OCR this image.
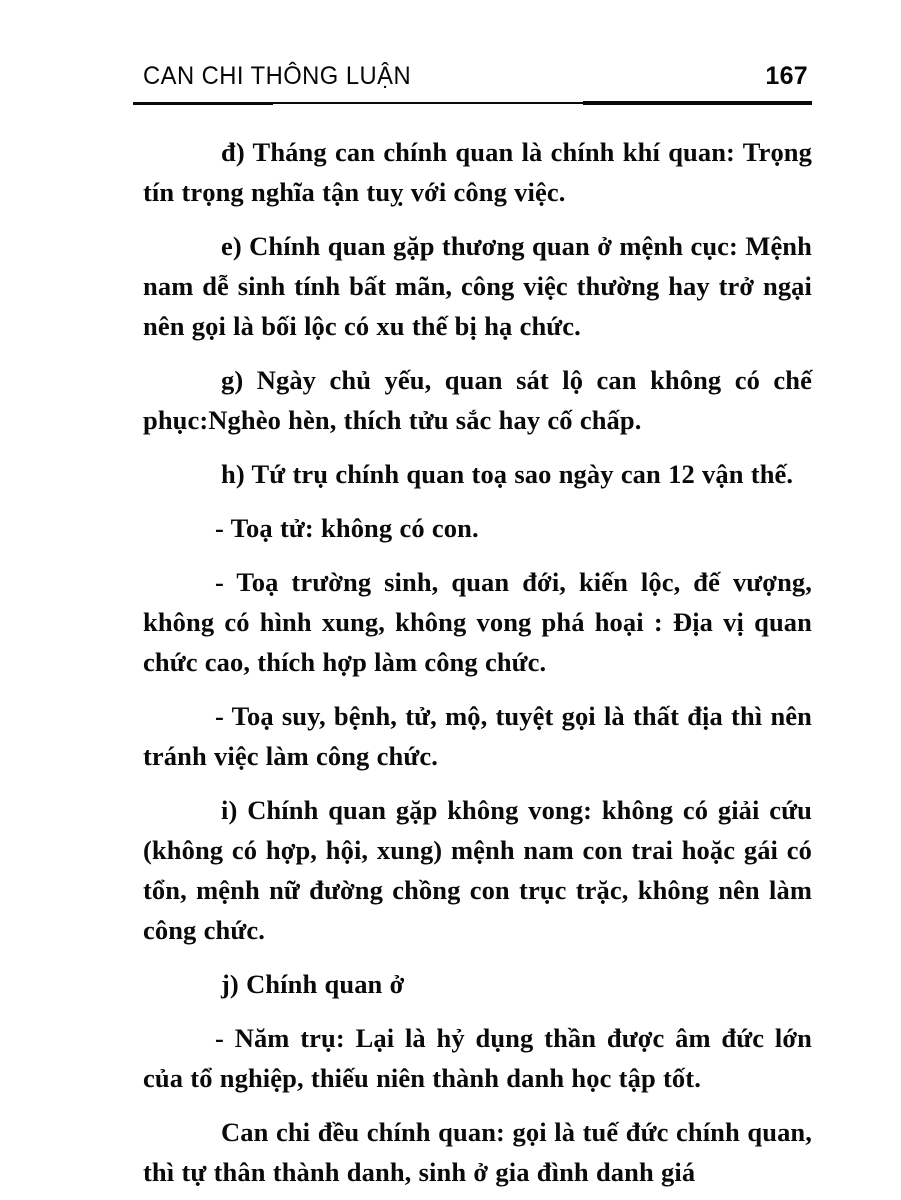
CAN CHI THÔNG LUẬN	167

đ) Tháng can chính quan là chính khí quan: Trọng tín trọng nghĩa tận tuỵ với công việc.

e) Chính quan gặp thương quan ở mệnh cục: Mệnh nam dễ sinh tính bất mãn, công việc thường hay trở ngại nên gọi là bối lộc có xu thế bị hạ chức.

g) Ngày chủ yếu, quan sát lộ can không có chế phục:Nghèo hèn, thích tửu sắc hay cố chấp.

h) Tứ trụ chính quan toạ sao ngày can 12 vận thế.

- Toạ tử: không có con.

- Toạ trường sinh, quan đới, kiến lộc, đế vượng, không có hình xung, không vong phá hoại : Địa vị quan chức cao, thích hợp làm công chức.

- Toạ suy, bệnh, tử, mộ, tuyệt gọi là thất địa thì nên tránh việc làm công chức.

i) Chính quan gặp không vong: không có giải cứu (không có hợp, hội, xung) mệnh nam con trai hoặc gái có tổn, mệnh nữ đường chồng con trục trặc, không nên làm công chức.

j) Chính quan ở

- Năm trụ: Lại là hỷ dụng thần được âm đức lớn của tổ nghiệp, thiếu niên thành danh học tập tốt.

Can chi đều chính quan: gọi là tuế đức chính quan, thì tự thân thành danh, sinh ở gia đình danh giá
